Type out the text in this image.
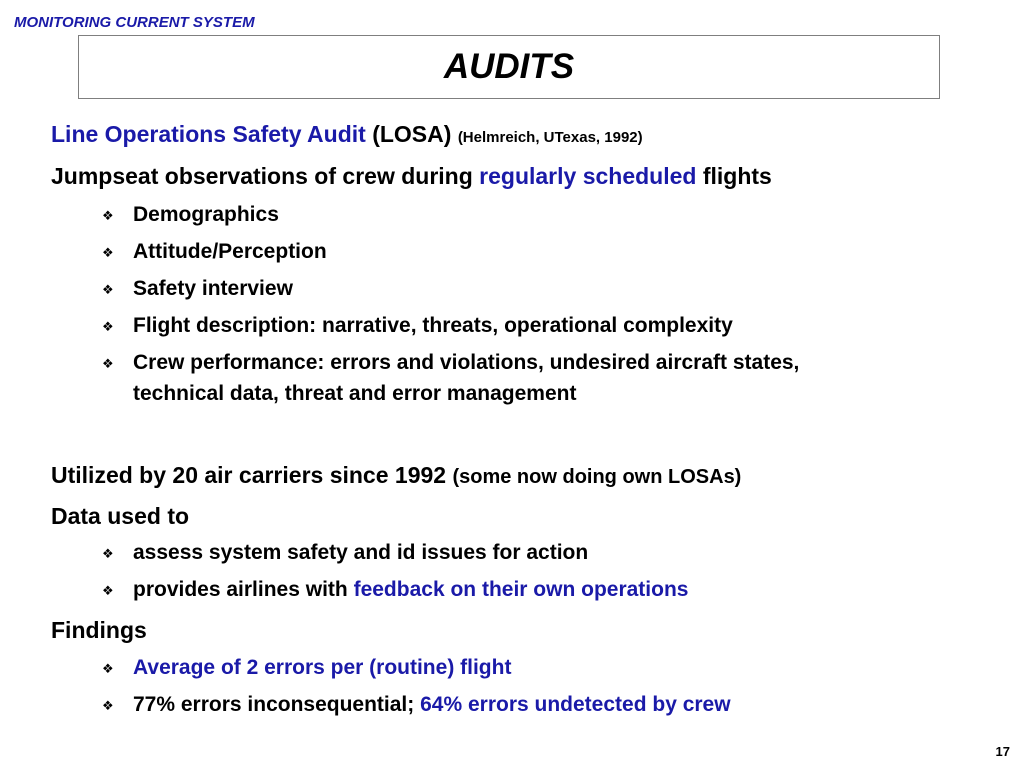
MONITORING CURRENT SYSTEM
AUDITS
Line Operations Safety Audit (LOSA) (Helmreich, UTexas, 1992)
Jumpseat observations of crew during regularly scheduled flights
❖ Demographics
❖ Attitude/Perception
❖ Safety interview
❖ Flight description: narrative, threats, operational complexity
❖ Crew performance: errors and violations, undesired aircraft states,
technical data, threat and error management
Utilized by 20 air carriers since 1992 (some now doing own LOSAs)
Data used to
❖ assess system safety and id issues for action
❖ provides airlines with feedback on their own operations
Findings
❖ Average of 2 errors per (routine) flight
❖ 77% errors inconsequential; 64% errors undetected by crew
17
